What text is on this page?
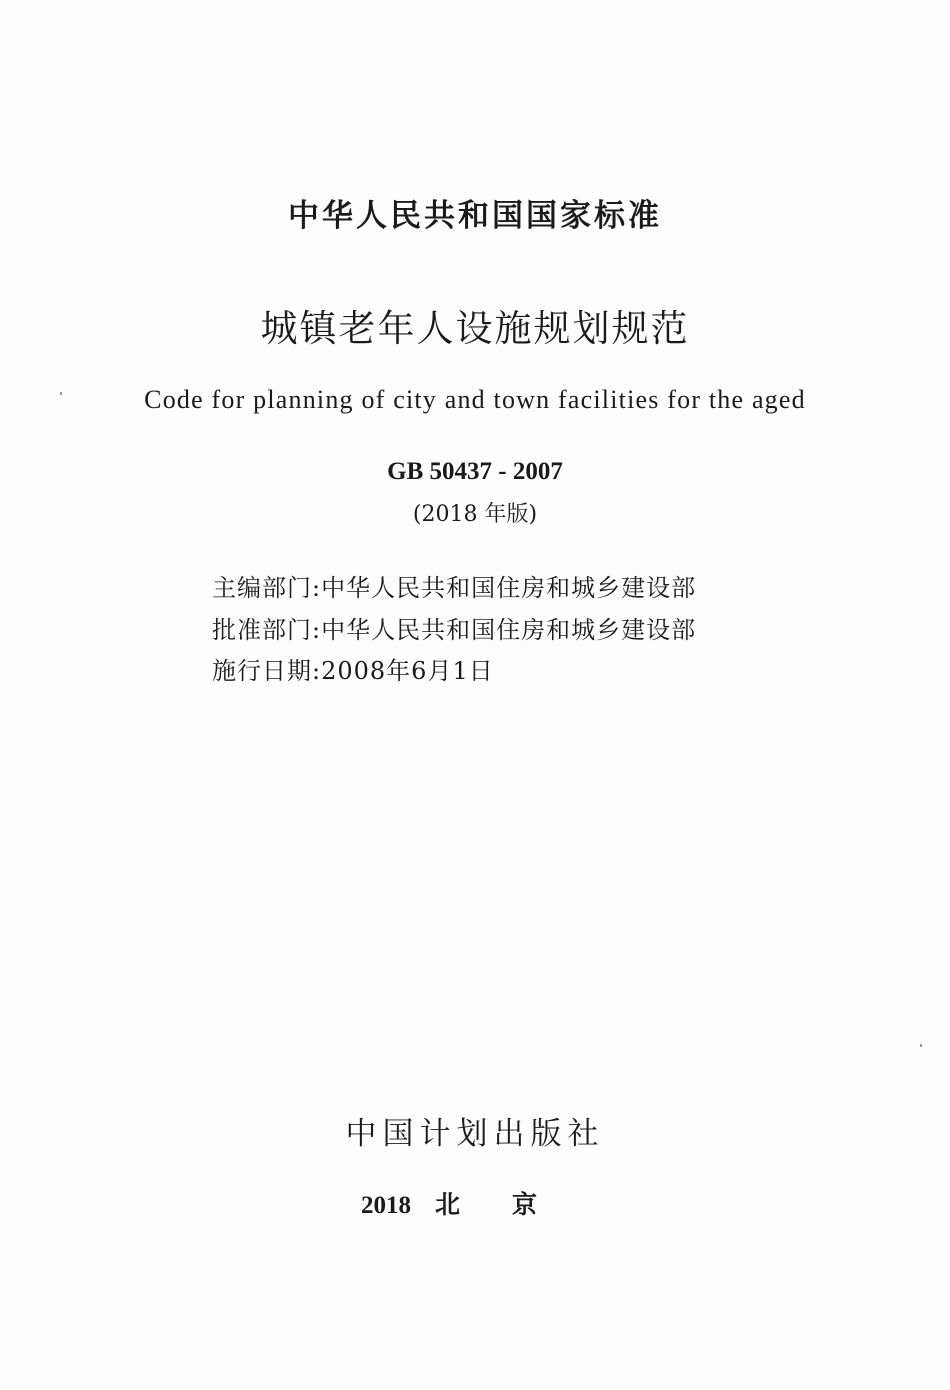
中华人民共和国国家标准
城镇老年人设施规划规范
Code for planning of city and town facilities for the aged
GB 50437 - 2007
(2018 年版)
主编部门:中华人民共和国住房和城乡建设部
批准部门:中华人民共和国住房和城乡建设部
施行日期:2008年6月1日
中国计划出版社
2018 北京
